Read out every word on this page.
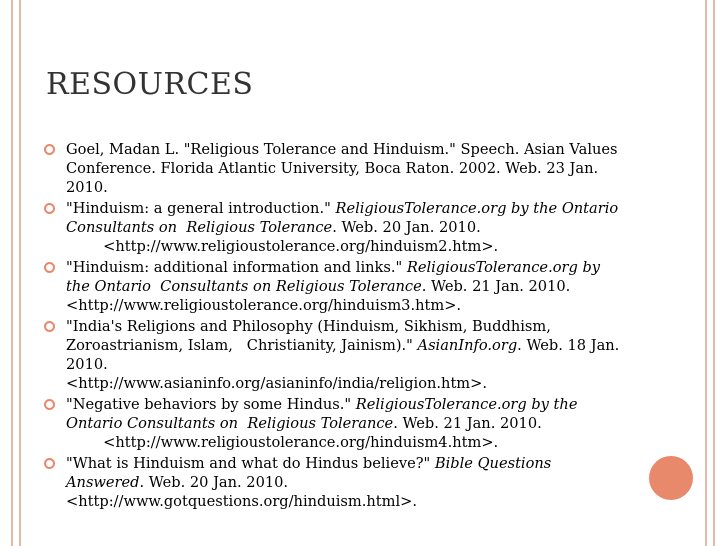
RESOURCES
Goel, Madan L. "Religious Tolerance and Hinduism." Speech. Asian Values Conference. Florida Atlantic University, Boca Raton. 2002. Web. 23 Jan. 2010.
"Hinduism: a general introduction." ReligiousTolerance.org by the Ontario Consultants on  Religious Tolerance. Web. 20 Jan. 2010.
<http://www.religioustolerance.org/hinduism2.htm>.
"Hinduism: additional information and links." ReligiousTolerance.org by the Ontario  Consultants on Religious Tolerance. Web. 21 Jan. 2010.  <http://www.religioustolerance.org/hinduism3.htm>.
"India's Religions and Philosophy (Hinduism, Sikhism, Buddhism, Zoroastrianism, Islam,   Christianity, Jainism)." AsianInfo.org. Web. 18 Jan. 2010.
<http://www.asianinfo.org/asianinfo/india/religion.htm>.
"Negative behaviors by some Hindus." ReligiousTolerance.org by the Ontario Consultants on  Religious Tolerance. Web. 21 Jan. 2010.
<http://www.religioustolerance.org/hinduism4.htm>.
"What is Hinduism and what do Hindus believe?" Bible Questions Answered. Web. 20 Jan. 2010.
<http://www.gotquestions.org/hinduism.html>.
